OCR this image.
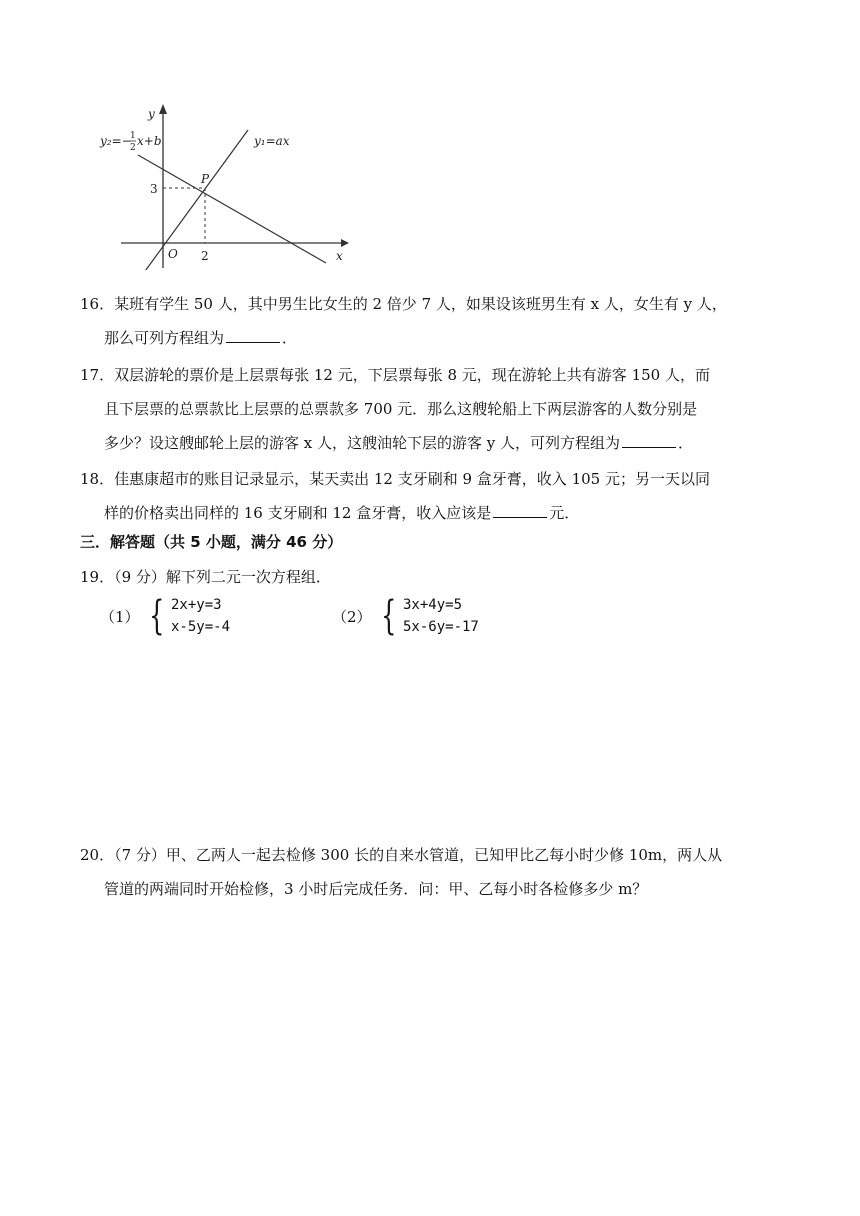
y
x
O
3
2
P
y₁=ax
y₂=−
1
2 x+b
16．某班有学生 50 人，其中男生比女生的 2 倍少 7 人，如果设该班男生有 x 人，女生有 y 人，
那么可列方程组为	．
17．双层游轮的票价是上层票每张 12 元，下层票每张 8 元，现在游轮上共有游客 150 人，而
且下层票的总票款比上层票的总票款多 700 元．那么这艘轮船上下两层游客的人数分别是
多少？设这艘邮轮上层的游客 x 人，这艘油轮下层的游客 y 人，可列方程组为	．
18．佳惠康超市的账目记录显示，某天卖出 12 支牙刷和 9 盒牙膏，收入 105 元；另一天以同
样的价格卖出同样的 16 支牙刷和 12 盒牙膏，收入应该是	元．
三．解答题（共 5 小题，满分 46 分）
19．（9 分）解下列二元一次方程组．
（1） { 2x+y=3
x-5y=-4
（2） { 3x+4y=5
5x-6y=-17
20．（7 分）甲、乙两人一起去检修 300 长的自来水管道，已知甲比乙每小时少修 10m，两人从
管道的两端同时开始检修，3 小时后完成任务．问：甲、乙每小时各检修多少 m？
